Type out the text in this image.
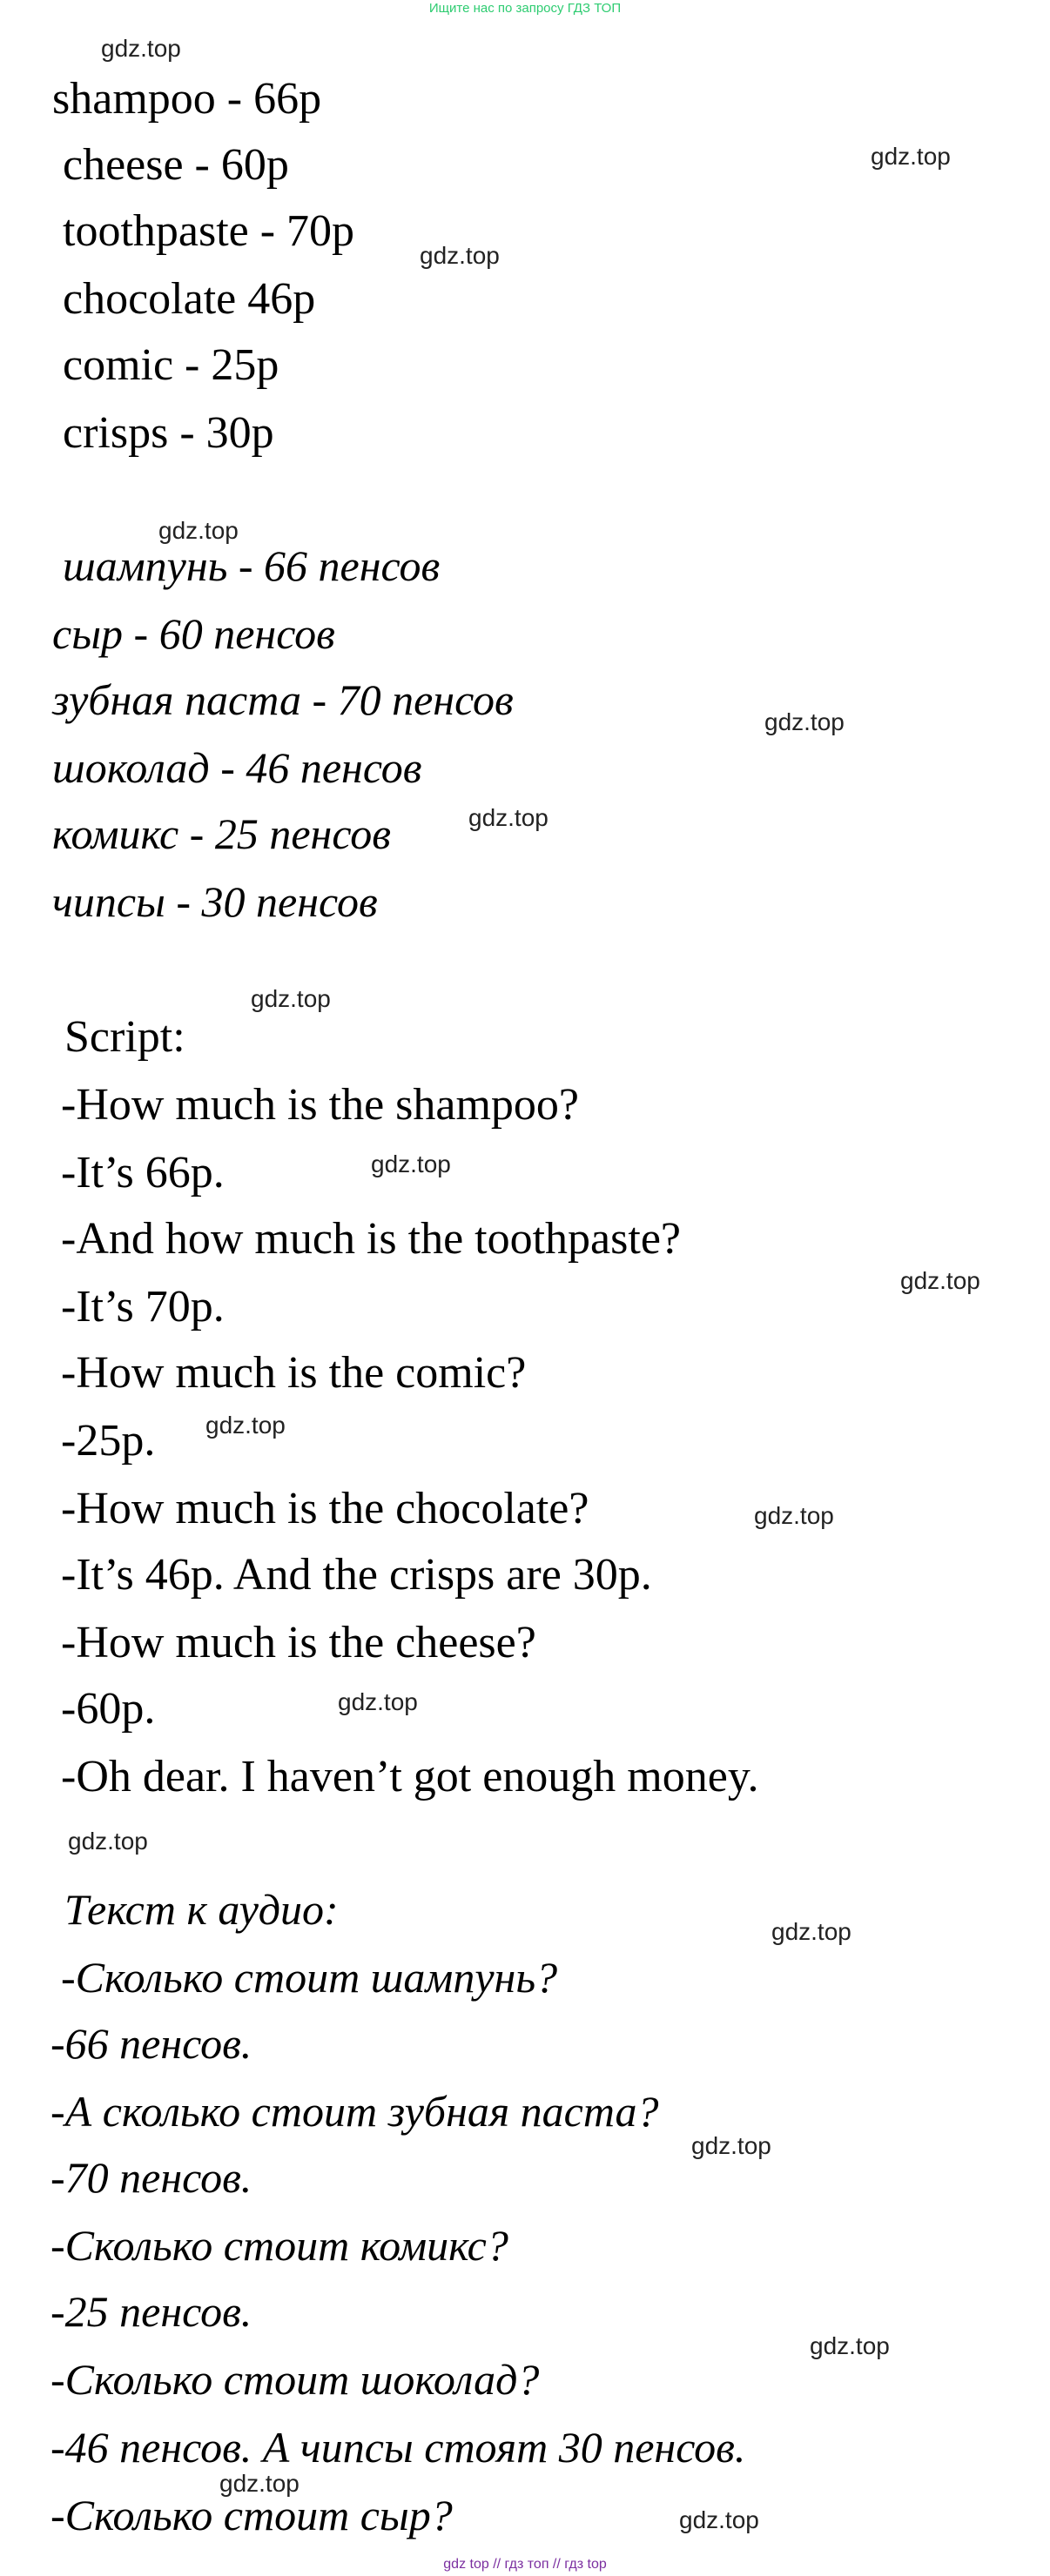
Ищите нас по запросу ГДЗ ТОП
gdz.top
gdz.top
gdz.top
gdz.top
gdz.top
gdz.top
gdz.top
gdz.top
gdz.top
gdz.top
gdz.top
gdz.top
gdz.top
gdz.top
gdz.top
gdz.top
gdz.top
gdz.top
shampoo - 66p
cheese - 60p
toothpaste - 70p
chocolate 46p
comic - 25p
crisps - 30p
шампунь - 66 пенсов
сыр - 60 пенсов
зубная паста - 70 пенсов
шоколад - 46 пенсов
комикс - 25 пенсов
чипсы - 30 пенсов
Script:
-How much is the shampoo?
-It’s 66p.
-And how much is the toothpaste?
-It’s 70p.
-How much is the comic?
-25p.
-How much is the chocolate?
-It’s 46p. And the crisps are 30p.
-How much is the cheese?
-60p.
-Oh dear. I haven’t got enough money.
Текст к аудио:
-Сколько стоит шампунь?
-66 пенсов.
-А сколько стоит зубная паста?
-70 пенсов.
-Сколько стоит комикс?
-25 пенсов.
-Сколько стоит шоколад?
-46 пенсов. А чипсы стоят 30 пенсов.
-Сколько стоит сыр?
gdz top // гдз топ // гдз top
